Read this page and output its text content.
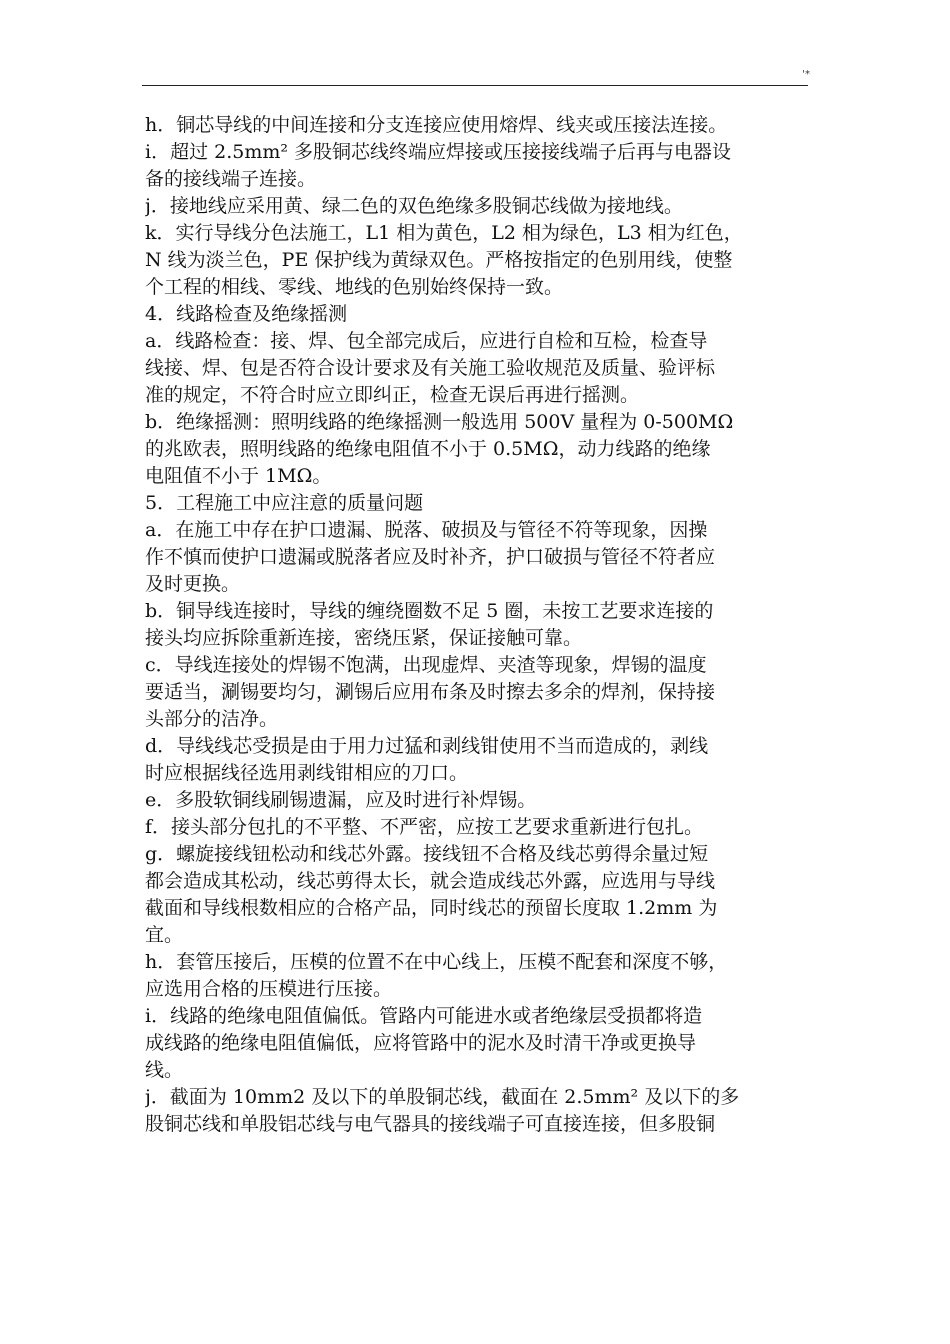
'*
h．铜芯导线的中间连接和分支连接应使用熔焊、线夹或压接法连接。
i．超过 2.5mm² 多股铜芯线终端应焊接或压接接线端子后再与电器设
备的接线端子连接。
j．接地线应采用黄、绿二色的双色绝缘多股铜芯线做为接地线。
k．实行导线分色法施工，L1 相为黄色，L2 相为绿色，L3 相为红色，
N 线为淡兰色，PE 保护线为黄绿双色。严格按指定的色别用线，使整
个工程的相线、零线、地线的色别始终保持一致。
4．线路检查及绝缘摇测
a．线路检查：接、焊、包全部完成后，应进行自检和互检，检查导
线接、焊、包是否符合设计要求及有关施工验收规范及质量、验评标
准的规定，不符合时应立即纠正，检查无误后再进行摇测。
b．绝缘摇测：照明线路的绝缘摇测一般选用 500V 量程为 0-500MΩ
的兆欧表，照明线路的绝缘电阻值不小于 0.5MΩ，动力线路的绝缘
电阻值不小于 1MΩ。
5．工程施工中应注意的质量问题
a．在施工中存在护口遗漏、脱落、破损及与管径不符等现象，因操
作不慎而使护口遗漏或脱落者应及时补齐，护口破损与管径不符者应
及时更换。
b．铜导线连接时，导线的缠绕圈数不足 5 圈，未按工艺要求连接的
接头均应拆除重新连接，密绕压紧，保证接触可靠。
c．导线连接处的焊锡不饱满，出现虚焊、夹渣等现象，焊锡的温度
要适当，涮锡要均匀，涮锡后应用布条及时擦去多余的焊剂，保持接
头部分的洁净。
d．导线线芯受损是由于用力过猛和剥线钳使用不当而造成的，剥线
时应根据线径选用剥线钳相应的刀口。
e．多股软铜线刷锡遗漏，应及时进行补焊锡。
f．接头部分包扎的不平整、不严密，应按工艺要求重新进行包扎。
g．螺旋接线钮松动和线芯外露。接线钮不合格及线芯剪得余量过短
都会造成其松动，线芯剪得太长，就会造成线芯外露，应选用与导线
截面和导线根数相应的合格产品，同时线芯的预留长度取 1.2mm 为
宜。
h．套管压接后，压模的位置不在中心线上，压模不配套和深度不够，
应选用合格的压模进行压接。
i．线路的绝缘电阻值偏低。管路内可能进水或者绝缘层受损都将造
成线路的绝缘电阻值偏低，应将管路中的泥水及时清干净或更换导
线。
j．截面为 10mm2 及以下的单股铜芯线，截面在 2.5mm² 及以下的多
股铜芯线和单股铝芯线与电气器具的接线端子可直接连接，但多股铜
